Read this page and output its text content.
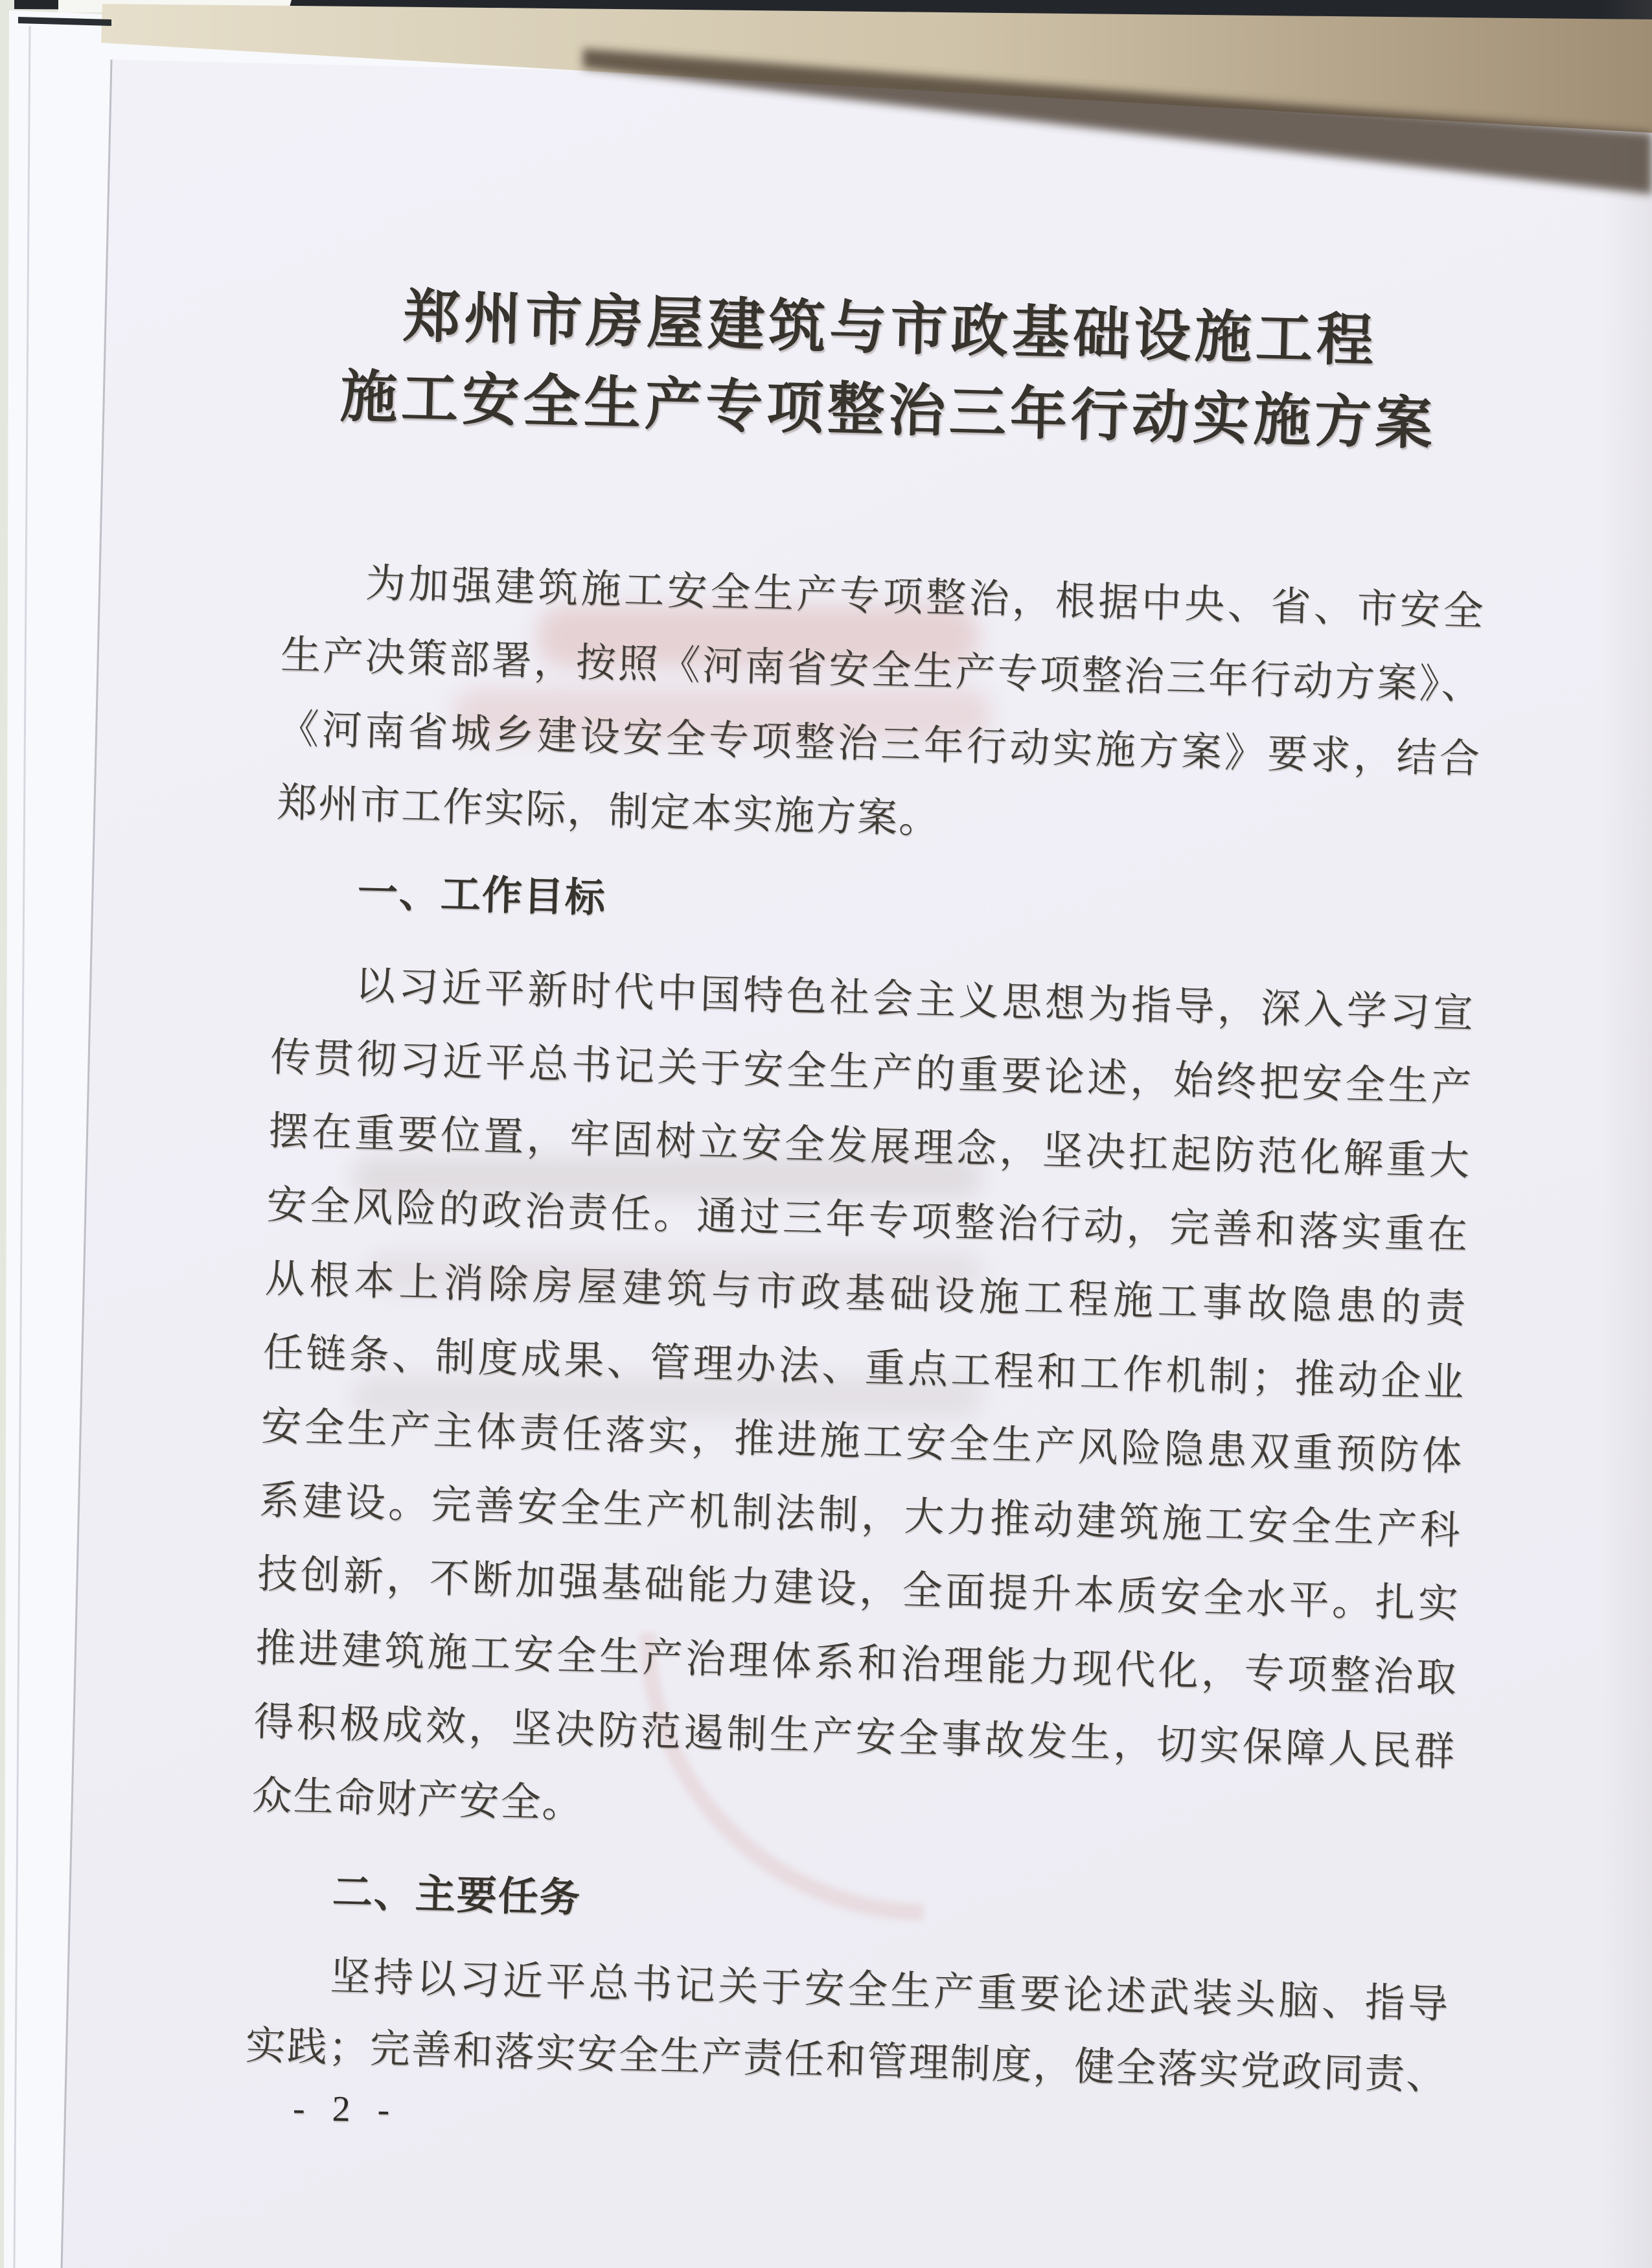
郑州市房屋建筑与市政基础设施工程
施工安全生产专项整治三年行动实施方案
为加强建筑施工安全生产专项整治，根据中央、省、市安全
生产决策部署，按照《河南省安全生产专项整治三年行动方案》、
《河南省城乡建设安全专项整治三年行动实施方案》要求，结合
郑州市工作实际，制定本实施方案。
一、工作目标
以习近平新时代中国特色社会主义思想为指导，深入学习宣
传贯彻习近平总书记关于安全生产的重要论述，始终把安全生产
摆在重要位置，牢固树立安全发展理念，坚决扛起防范化解重大
安全风险的政治责任。通过三年专项整治行动，完善和落实重在
从根本上消除房屋建筑与市政基础设施工程施工事故隐患的责
任链条、制度成果、管理办法、重点工程和工作机制；推动企业
安全生产主体责任落实，推进施工安全生产风险隐患双重预防体
系建设。完善安全生产机制法制，大力推动建筑施工安全生产科
技创新，不断加强基础能力建设，全面提升本质安全水平。扎实
推进建筑施工安全生产治理体系和治理能力现代化，专项整治取
得积极成效，坚决防范遏制生产安全事故发生，切实保障人民群
众生命财产安全。
二、主要任务
坚持以习近平总书记关于安全生产重要论述武装头脑、指导
实践；完善和落实安全生产责任和管理制度，健全落实党政同责、
- 2 -
